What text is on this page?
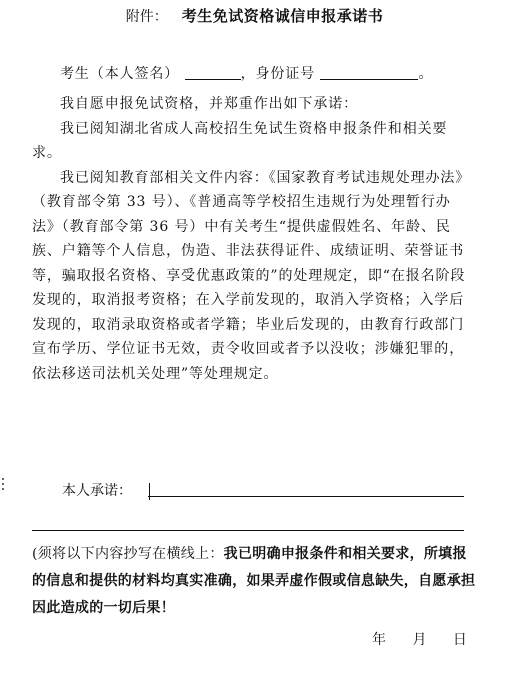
附件： 考生免试资格诚信申报承诺书

考生（本人签名）	，身份证号	。

我自愿申报免试资格，并郑重作出如下承诺：

我已阅知湖北省成人高校招生免试生资格申报条件和相关要求。

我已阅知教育部相关文件内容：《国家教育考试违规处理办法》（教育部令第 33 号）、《普通高等学校招生违规行为处理暂行办法》（教育部令第 36 号）中有关考生“提供虚假姓名、年龄、民族、户籍等个人信息，伪造、非法获得证件、成绩证明、荣誉证书等，骗取报名资格、享受优惠政策的”的处理规定，即“在报名阶段发现的，取消报考资格；在入学前发现的，取消入学资格；入学后发现的，取消录取资格或者学籍；毕业后发现的，由教育行政部门宣布学历、学位证书无效，责令收回或者予以没收；涉嫌犯罪的，依法移送司法机关处理”等处理规定。

本人承诺：
(须将以下内容抄写在横线上：我已明确申报条件和相关要求，所填报的信息和提供的材料均真实准确，如果弄虚作假或信息缺失，自愿承担因此造成的一切后果！
年 月 日
